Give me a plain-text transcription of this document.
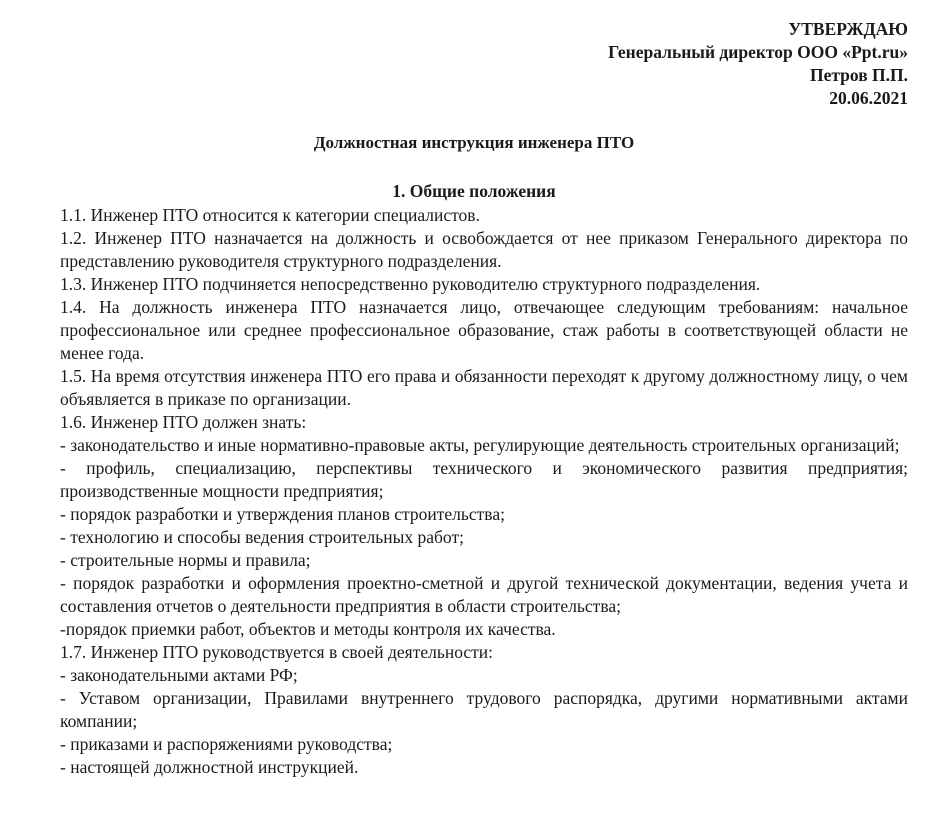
УТВЕРЖДАЮ
Генеральный директор ООО «Ppt.ru»
Петров П.П.
20.06.2021
Должностная инструкция инженера ПТО
1. Общие положения

1.1. Инженер ПТО относится к категории специалистов.

1.2. Инженер ПТО назначается на должность и освобождается от нее приказом Генерального директора по представлению руководителя структурного подразделения.

1.3. Инженер ПТО подчиняется непосредственно руководителю структурного подразделения.

1.4. На должность инженера ПТО назначается лицо, отвечающее следующим требованиям: начальное профессиональное или среднее профессиональное образование, стаж работы в соответствующей области не менее года.

1.5. На время отсутствия инженера ПТО его права и обязанности переходят к другому должностному лицу, о чем объявляется в приказе по организации.

1.6. Инженер ПТО должен знать:

- законодательство и иные нормативно-правовые акты, регулирующие деятельность строительных организаций;

- профиль, специализацию, перспективы технического и экономического развития предприятия; производственные мощности предприятия;

- порядок разработки и утверждения планов строительства;

- технологию и способы ведения строительных работ;

- строительные нормы и правила;

- порядок разработки и оформления проектно-сметной и другой технической документации, ведения учета и составления отчетов о деятельности предприятия в области строительства;

-порядок приемки работ, объектов и методы контроля их качества.

1.7. Инженер ПТО руководствуется в своей деятельности:

- законодательными актами РФ;

- Уставом организации, Правилами внутреннего трудового распорядка, другими нормативными актами компании;

- приказами и распоряжениями руководства;

- настоящей должностной инструкцией.
